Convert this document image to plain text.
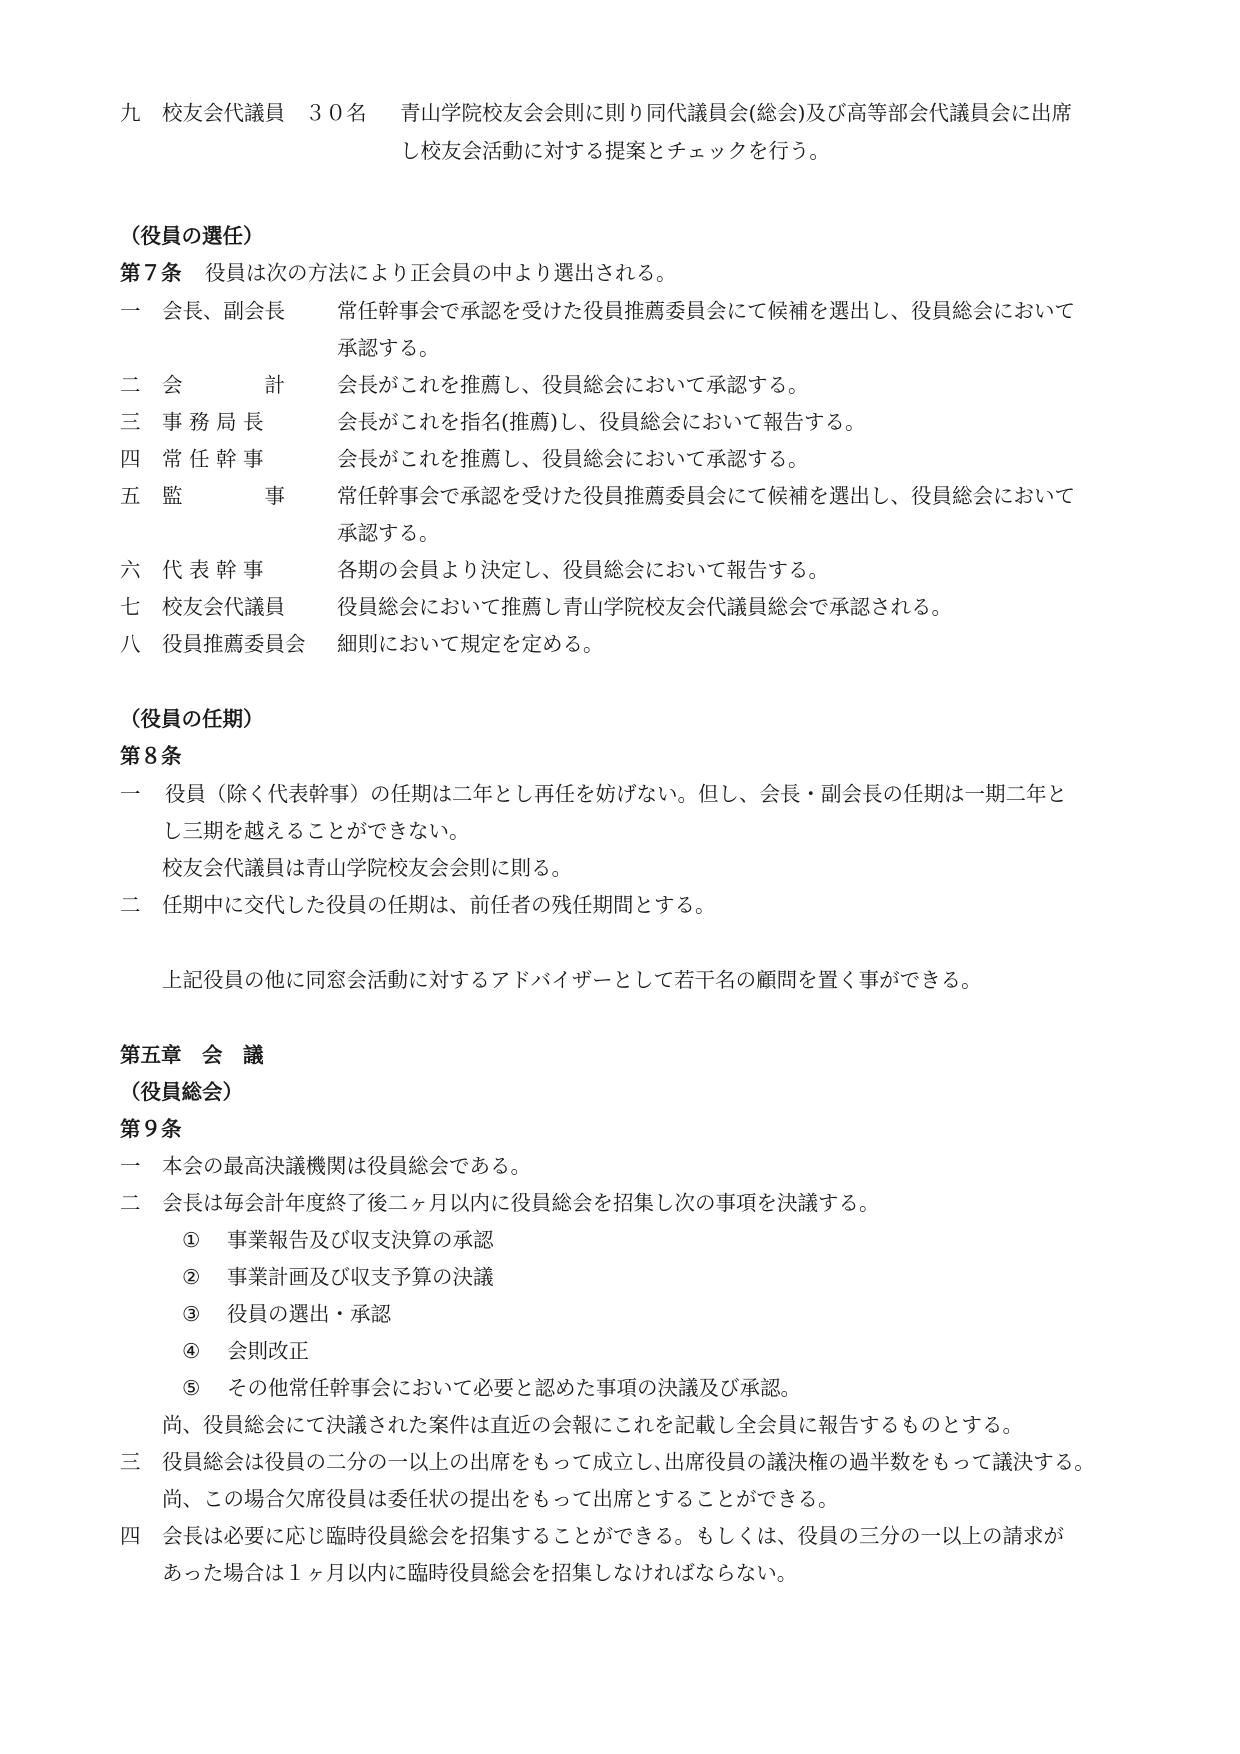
九 校友会代議員 ３０名 青山学院校友会会則に則り同代議員会(総会)及び高等部会代議員会に出席
し校友会活動に対する提案とチェックを行う。
（役員の選任）
第７条 役員は次の方法により正会員の中より選出される。
一 会長、副会長	常任幹事会で承認を受けた役員推薦委員会にて候補を選出し、役員総会において
承認する。
二 会　　　　計	会長がこれを推薦し、役員総会において承認する。
三 事 務 局 長	会長がこれを指名(推薦)し、役員総会において報告する。
四 常 任 幹 事	会長がこれを推薦し、役員総会において承認する。
五 監　　　　事	常任幹事会で承認を受けた役員推薦委員会にて候補を選出し、役員総会において
承認する。
六 代 表 幹 事	各期の会員より決定し、役員総会において報告する。
七 校友会代議員	役員総会において推薦し青山学院校友会代議員総会で承認される。
八 役員推薦委員会 細則において規定を定める。
（役員の任期）
第８条
一 役員（除く代表幹事）の任期は二年とし再任を妨げない。但し、会長・副会長の任期は一期二年と
し三期を越えることができない。
校友会代議員は青山学院校友会会則に則る。
二 任期中に交代した役員の任期は、前任者の残任期間とする。
上記役員の他に同窓会活動に対するアドバイザーとして若干名の顧問を置く事ができる。
第五章　会　議
（役員総会）
第９条
一 本会の最高決議機関は役員総会である。
二 会長は毎会計年度終了後二ヶ月以内に役員総会を招集し次の事項を決議する。
① 事業報告及び収支決算の承認
② 事業計画及び収支予算の決議
③ 役員の選出・承認
④ 会則改正
⑤ その他常任幹事会において必要と認めた事項の決議及び承認。
尚、役員総会にて決議された案件は直近の会報にこれを記載し全会員に報告するものとする。
三 役員総会は役員の二分の一以上の出席をもって成立し､出席役員の議決権の過半数をもって議決する。
尚、この場合欠席役員は委任状の提出をもって出席とすることができる。
四 会長は必要に応じ臨時役員総会を招集することができる。もしくは、役員の三分の一以上の請求が
あった場合は１ヶ月以内に臨時役員総会を招集しなければならない。
